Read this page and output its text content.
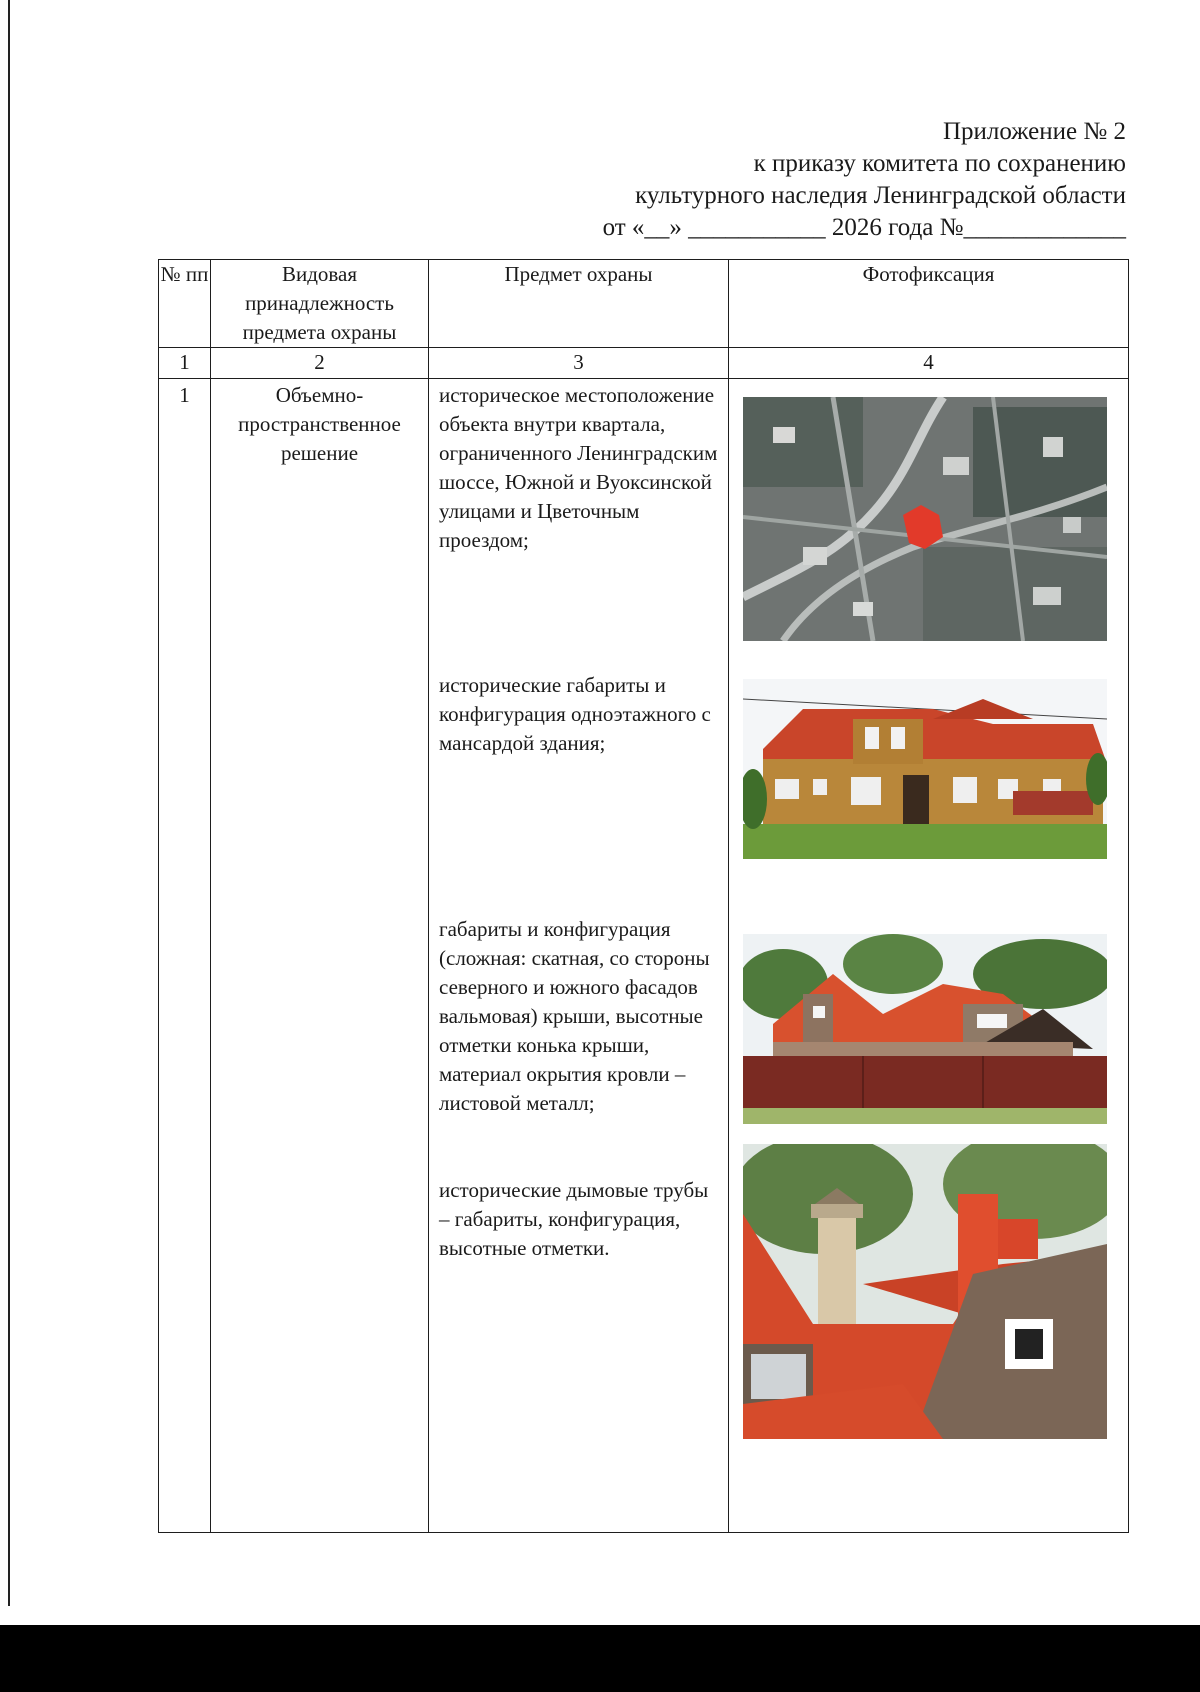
Приложение № 2
к приказу комитета по сохранению
культурного наследия Ленинградской области
от «__» ___________ 2026 года №_____________
№ пп	Видовая принадлежность предмета охраны	Предмет охраны	Фотофиксация
1	2	3	4
1	Объемно-пространственное решение	историческое местоположение объекта внутри квартала, ограниченного Ленинградским шоссе, Южной и Вуоксинской улицами и Цветочным проездом;
исторические габариты и конфигурация одноэтажного с мансардой здания;
габариты и конфигурация (сложная: скатная, со стороны северного и южного фасадов вальмовая) крыши, высотные отметки конька крыши, материал окрытия кровли – листовой металл;
исторические дымовые трубы – габариты, конфигурация, высотные отметки.
